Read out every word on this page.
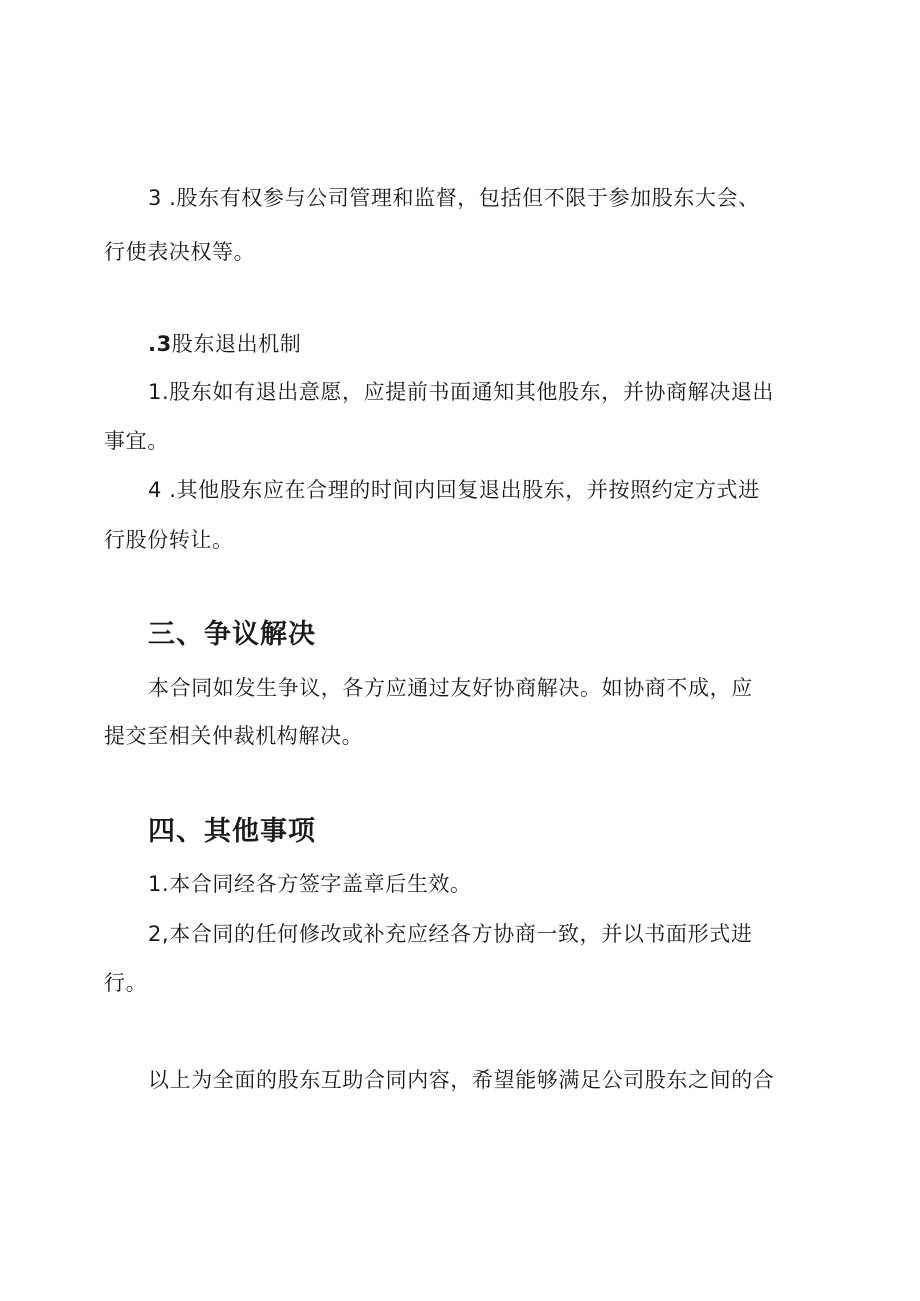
3 .股东有权参与公司管理和监督，包括但不限于参加股东大会、
行使表决权等。
.3股东退出机制
1.股东如有退出意愿，应提前书面通知其他股东，并协商解决退出
事宜。
4 .其他股东应在合理的时间内回复退出股东，并按照约定方式进
行股份转让。
三、争议解决
本合同如发生争议，各方应通过友好协商解决。如协商不成，应
提交至相关仲裁机构解决。
四、其他事项
1.本合同经各方签字盖章后生效。
2,本合同的任何修改或补充应经各方协商一致，并以书面形式进
行。
以上为全面的股东互助合同内容，希望能够满足公司股东之间的合
